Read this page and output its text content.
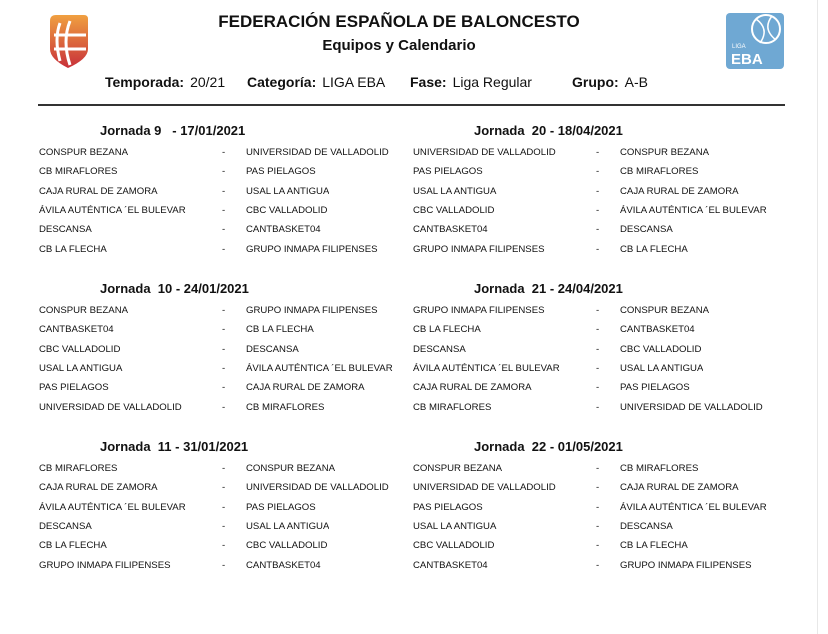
LIGA
EBA
FEDERACIÓN ESPAÑOLA DE BALONCESTO
Equipos y Calendario
Temporada: 20/21 Categoría: LIGA EBA Fase: Liga Regular	Grupo: A-B
Jornada 9   - 17/01/2021
CONSPUR BEZANA	- UNIVERSIDAD DE VALLADOLID
CB MIRAFLORES	- PAS PIELAGOS
CAJA RURAL DE ZAMORA	- USAL LA ANTIGUA
ÁVILA AUTÉNTICA ´EL BULEVAR	- CBC VALLADOLID
DESCANSA	- CANTBASKET04
CB LA FLECHA	- GRUPO INMAPA FILIPENSES
Jornada  20 - 18/04/2021
UNIVERSIDAD DE VALLADOLID	- CONSPUR BEZANA
PAS PIELAGOS	- CB MIRAFLORES
USAL LA ANTIGUA	- CAJA RURAL DE ZAMORA
CBC VALLADOLID	- ÁVILA AUTÉNTICA ´EL BULEVAR
CANTBASKET04	- DESCANSA
GRUPO INMAPA FILIPENSES	- CB LA FLECHA
Jornada  10 - 24/01/2021
CONSPUR BEZANA	- GRUPO INMAPA FILIPENSES
CANTBASKET04	- CB LA FLECHA
CBC VALLADOLID	- DESCANSA
USAL LA ANTIGUA	- ÁVILA AUTÉNTICA ´EL BULEVAR
PAS PIELAGOS	- CAJA RURAL DE ZAMORA
UNIVERSIDAD DE VALLADOLID	- CB MIRAFLORES
Jornada  21 - 24/04/2021
GRUPO INMAPA FILIPENSES	- CONSPUR BEZANA
CB LA FLECHA	- CANTBASKET04
DESCANSA	- CBC VALLADOLID
ÁVILA AUTÉNTICA ´EL BULEVAR	- USAL LA ANTIGUA
CAJA RURAL DE ZAMORA	- PAS PIELAGOS
CB MIRAFLORES	- UNIVERSIDAD DE VALLADOLID
Jornada  11 - 31/01/2021
CB MIRAFLORES	- CONSPUR BEZANA
CAJA RURAL DE ZAMORA	- UNIVERSIDAD DE VALLADOLID
ÁVILA AUTÉNTICA ´EL BULEVAR	- PAS PIELAGOS
DESCANSA	- USAL LA ANTIGUA
CB LA FLECHA	- CBC VALLADOLID
GRUPO INMAPA FILIPENSES	- CANTBASKET04
Jornada  22 - 01/05/2021
CONSPUR BEZANA	- CB MIRAFLORES
UNIVERSIDAD DE VALLADOLID	- CAJA RURAL DE ZAMORA
PAS PIELAGOS	- ÁVILA AUTÉNTICA ´EL BULEVAR
USAL LA ANTIGUA	- DESCANSA
CBC VALLADOLID	- CB LA FLECHA
CANTBASKET04	- GRUPO INMAPA FILIPENSES
